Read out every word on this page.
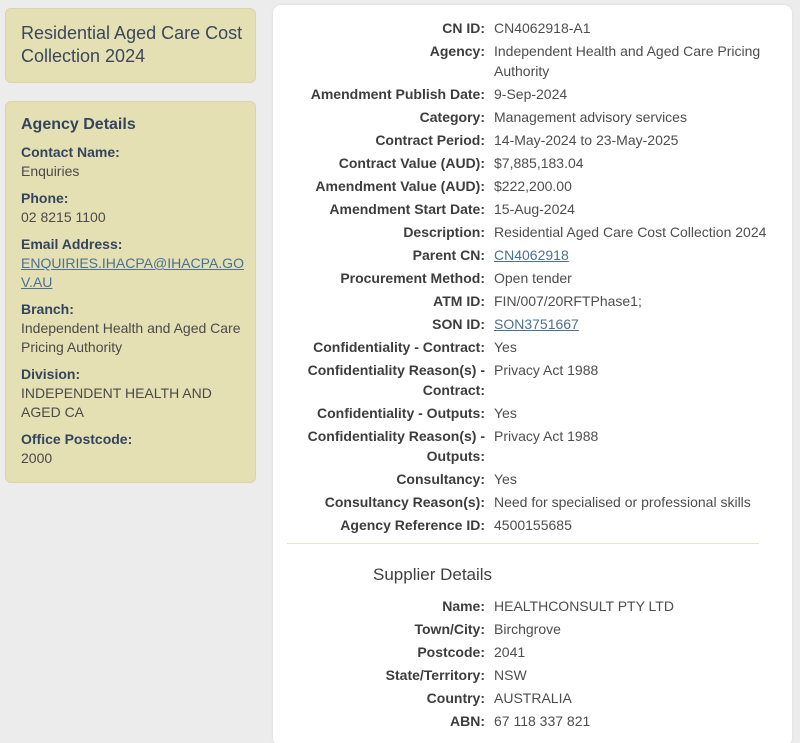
Residential Aged Care Cost Collection 2024
Agency Details
Contact Name:
Enquiries
Phone:
02 8215 1100
Email Address:
ENQUIRIES.IHACPA@IHACPA.GOV.AU
Branch:
Independent Health and Aged Care Pricing Authority
Division:
INDEPENDENT HEALTH AND AGED CA
Office Postcode:
2000
CN ID: CN4062918-A1
Agency: Independent Health and Aged Care Pricing Authority
Amendment Publish Date: 9-Sep-2024
Category: Management advisory services
Contract Period: 14-May-2024 to 23-May-2025
Contract Value (AUD): $7,885,183.04
Amendment Value (AUD): $222,200.00
Amendment Start Date: 15-Aug-2024
Description: Residential Aged Care Cost Collection 2024
Parent CN: CN4062918
Procurement Method: Open tender
ATM ID: FIN/007/20RFTPhase1;
SON ID: SON3751667
Confidentiality - Contract: Yes
Confidentiality Reason(s) - Contract:
Privacy Act 1988
Confidentiality - Outputs: Yes
Confidentiality Reason(s) - Outputs:
Privacy Act 1988
Consultancy: Yes
Consultancy Reason(s): Need for specialised or professional skills
Agency Reference ID: 4500155685
Supplier Details
Name: HEALTHCONSULT PTY LTD
Town/City: Birchgrove
Postcode: 2041
State/Territory: NSW
Country: AUSTRALIA
ABN: 67 118 337 821
